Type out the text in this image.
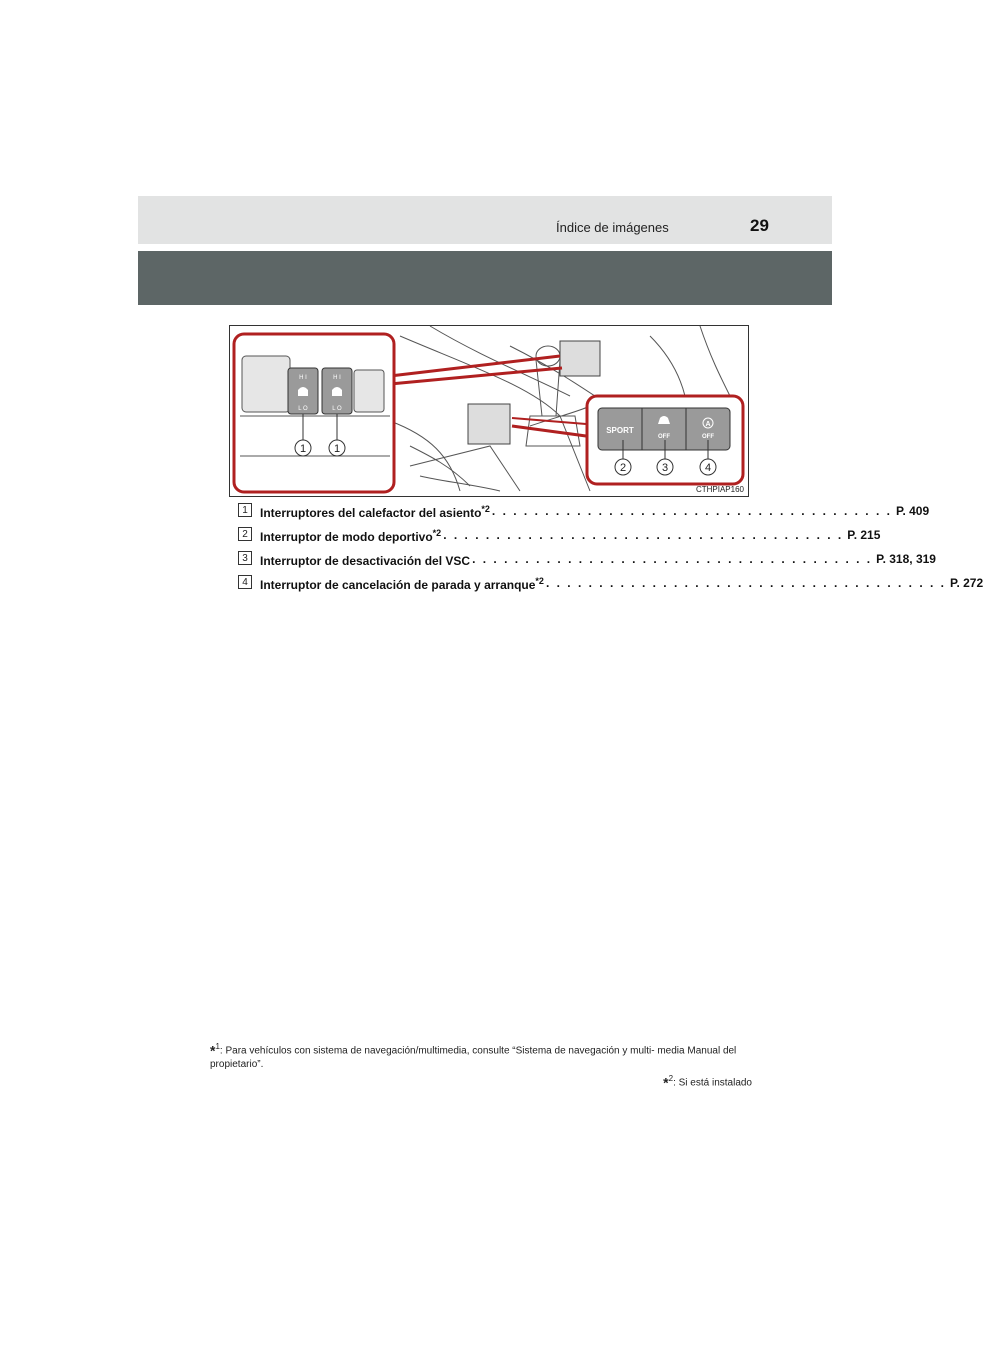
Índice de imágenes	29
H I	H I
L O	L O
1	1
SPORT
OFF
A
OFF
2	3	4
CTHPIAP160
1	Interruptores del calefactor del asiento$^{*2}$ . . . . . . . . . . . . . . . . . . . . . . . . . . . . . . . . . . . . . . P. 409
2	Interruptor de modo deportivo$^{*2}$ . . . . . . . . . . . . . . . . . . . . . . . . . . . . . . . . . . . . . . P. 215
3	Interruptor de desactivación del VSC . . . . . . . . . . . . . . . . . . . . . . . . . . . . . . . . . . . . . . P. 318, 319
4	Interruptor de cancelación de parada y arranque$^{*2}$ . . . . . . . . . . . . . . . . . . . . . . . . . . . . . . . . . . . . . . P. 272
*$^1$: Para vehículos con sistema de navegación/multimedia, consulte “Sistema de navegación y multi- media Manual del propietario”.
*$^2$: Si está instalado
